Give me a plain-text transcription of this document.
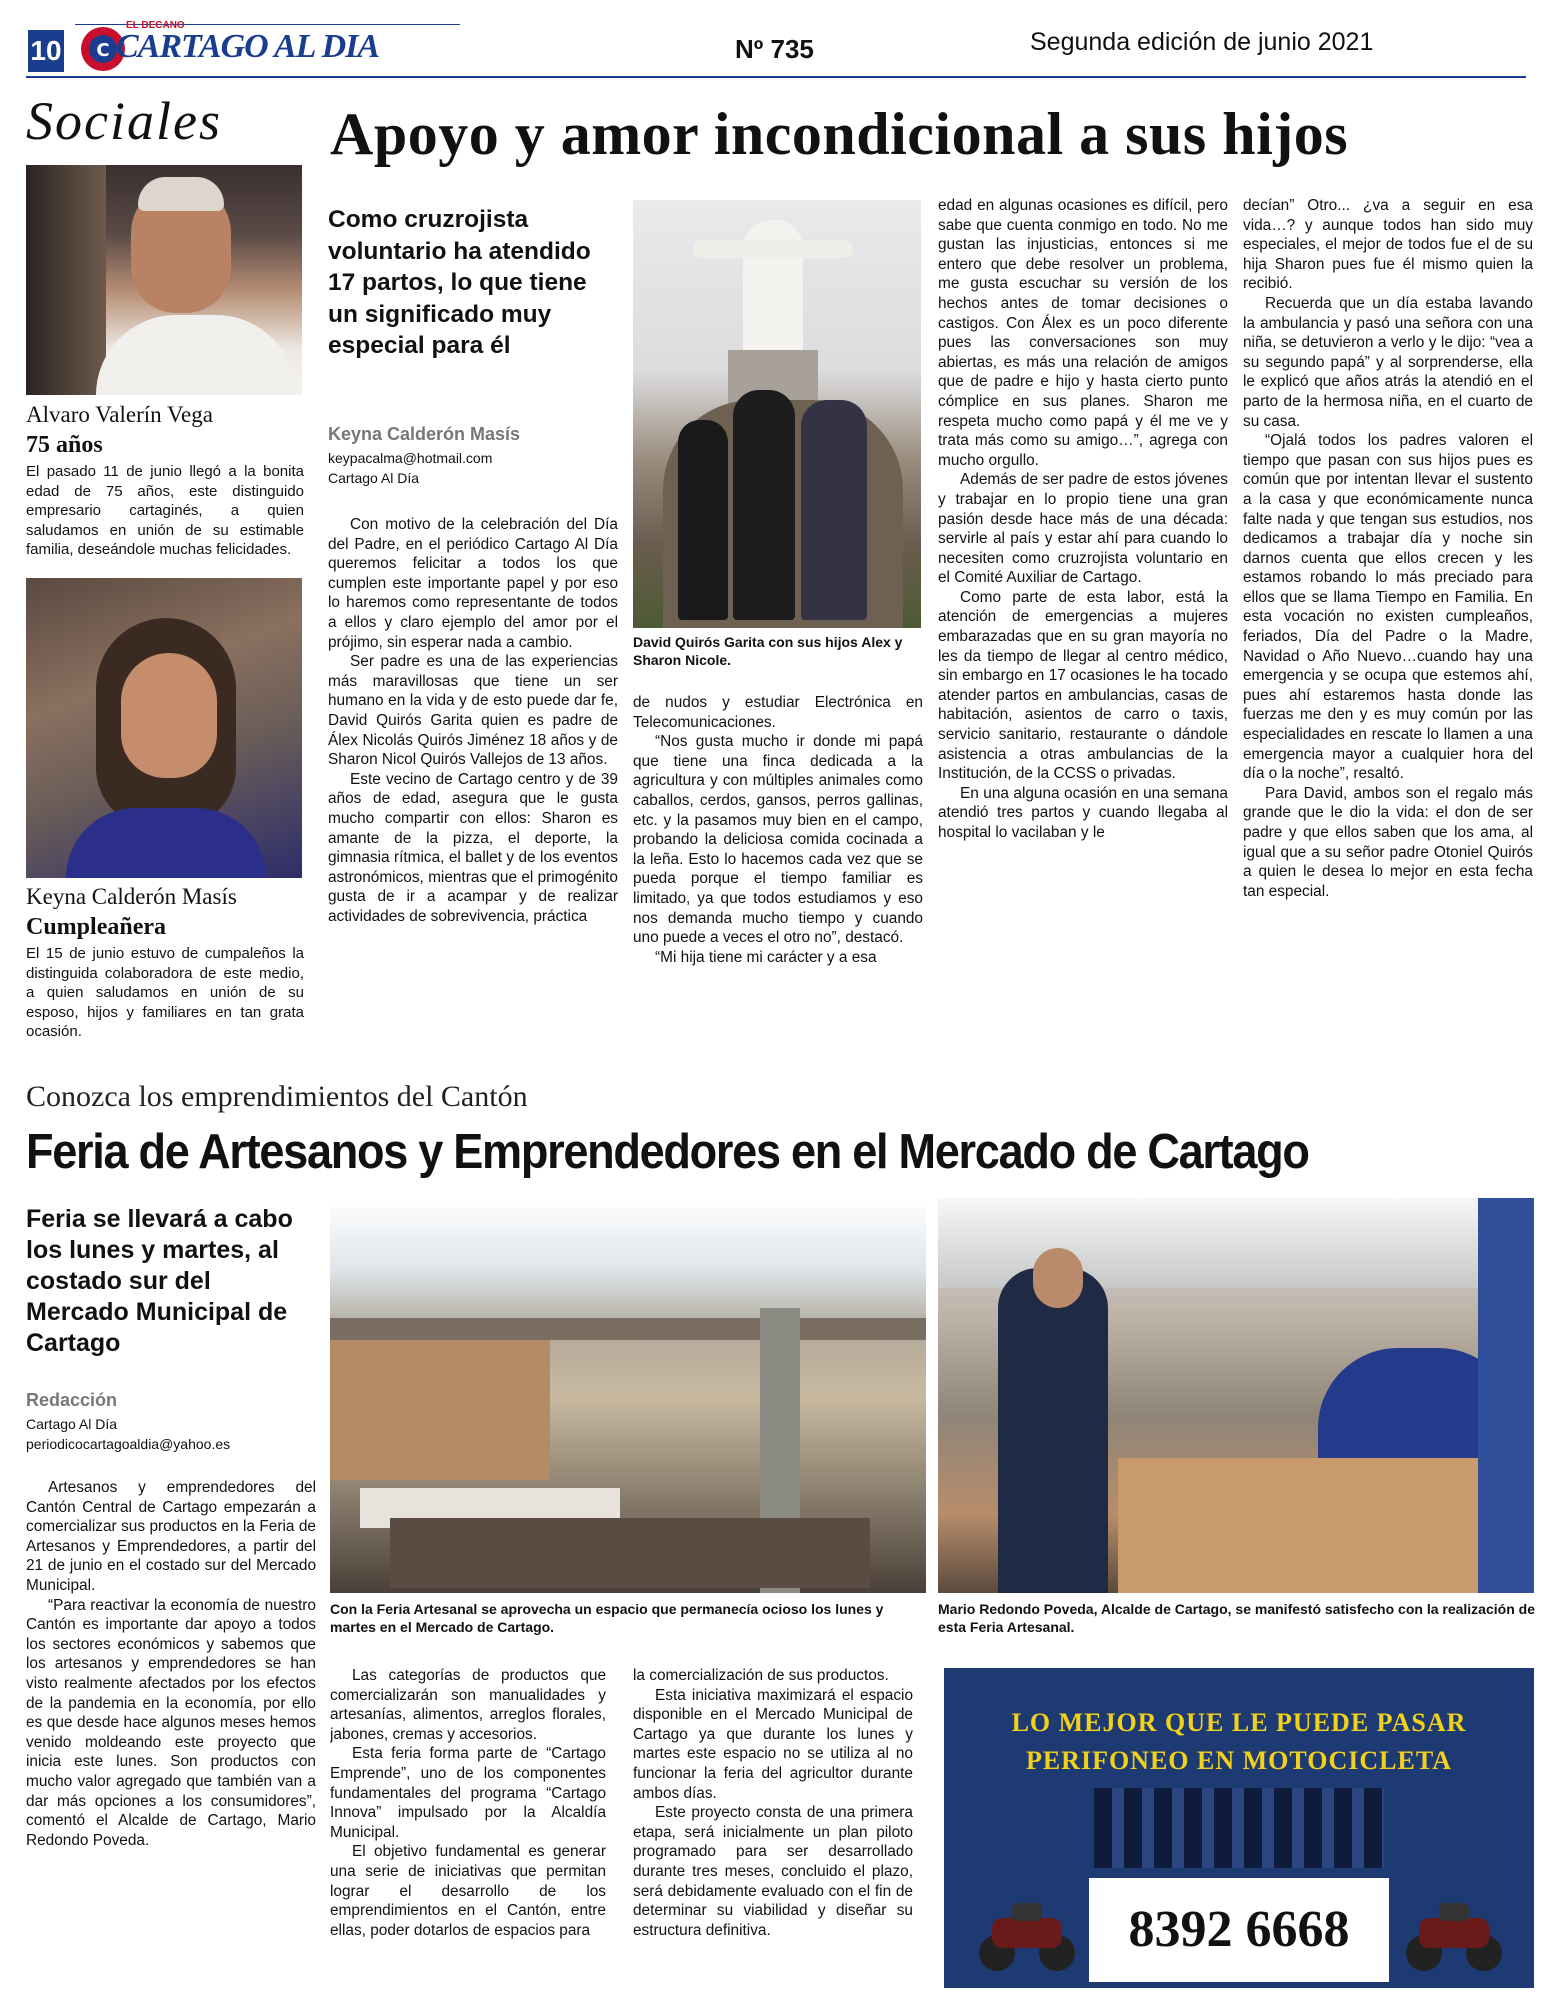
10 C
EL DECANO
CARTAGO AL DIA	Nº 735	Segunda edición de junio 2021
Sociales
Alvaro Valerín Vega
75 años
El pasado 11 de junio llegó a la bonita edad de 75 años, este distinguido empresario cartaginés, a quien saludamos en unión de su estimable familia, deseándole muchas felicidades.
Keyna Calderón Masís
Cumpleañera
El 15 de junio estuvo de cumpaleños la distinguida colaboradora de este medio, a quien saludamos en unión de su esposo, hijos y familiares en tan grata ocasión.
Apoyo y amor incondicional a sus hijos
Como cruzrojista voluntario ha atendido 17 partos, lo que tiene un significado muy especial para él
Keyna Calderón Masís
keypacalma@hotmail.com
Cartago Al Día

Con motivo de la celebración del Día del Padre, en el periódico Cartago Al Día queremos felicitar a todos los que cumplen este importante papel y por eso lo haremos como representante de todos a ellos y claro ejemplo del amor por el prójimo, sin esperar nada a cambio.

Ser padre es una de las experiencias más maravillosas que tiene un ser humano en la vida y de esto puede dar fe, David Quirós Garita quien es padre de Álex Nicolás Quirós Jiménez 18 años y de Sharon Nicol Quirós Vallejos de 13 años.

Este vecino de Cartago centro y de 39 años de edad, asegura que le gusta mucho compartir con ellos: Sharon es amante de la pizza, el deporte, la gimnasia rítmica, el ballet y de los eventos astronómicos, mientras que el primogénito gusta de ir a acampar y de realizar actividades de sobrevivencia, práctica

David Quirós Garita con sus hijos Alex y Sharon Nicole.

de nudos y estudiar Electrónica en Telecomunicaciones.

“Nos gusta mucho ir donde mi papá que tiene una finca dedicada a la agricultura y con múltiples animales como caballos, cerdos, gansos, perros gallinas, etc. y la pasamos muy bien en el campo, probando la deliciosa comida cocinada a la leña. Esto lo hacemos cada vez que se pueda porque el tiempo familiar es limitado, ya que todos estudiamos y eso nos demanda mucho tiempo y cuando uno puede a veces el otro no”, destacó.

“Mi hija tiene mi carácter y a esa

edad en algunas ocasiones es difícil, pero sabe que cuenta conmigo en todo. No me gustan las injusticias, entonces si me entero que debe resolver un problema, me gusta escuchar su versión de los hechos antes de tomar decisiones o castigos. Con Álex es un poco diferente pues las conversaciones son muy abiertas, es más una relación de amigos que de padre e hijo y hasta cierto punto cómplice en sus planes. Sharon me respeta mucho como papá y él me ve y trata más como su amigo…”, agrega con mucho orgullo.

Además de ser padre de estos jóvenes y trabajar en lo propio tiene una gran pasión desde hace más de una década: servirle al país y estar ahí para cuando lo necesiten como cruzrojista voluntario en el Comité Auxiliar de Cartago.

Como parte de esta labor, está la atención de emergencias a mujeres embarazadas que en su gran mayoría no les da tiempo de llegar al centro médico, sin embargo en 17 ocasiones le ha tocado atender partos en ambulancias, casas de habitación, asientos de carro o taxis, servicio sanitario, restaurante o dándole asistencia a otras ambulancias de la Institución, de la CCSS o privadas.

En una alguna ocasión en una semana atendió tres partos y cuando llegaba al hospital lo vacilaban y le

decían” Otro... ¿va a seguir en esa vida…? y aunque todos han sido muy especiales, el mejor de todos fue el de su hija Sharon pues fue él mismo quien la recibió.

Recuerda que un día estaba lavando la ambulancia y pasó una señora con una niña, se detuvieron a verlo y le dijo: “vea a su segundo papá” y al sorprenderse, ella le explicó que años atrás la atendió en el parto de la hermosa niña, en el cuarto de su casa.

“Ojalá todos los padres valoren el tiempo que pasan con sus hijos pues es común que por intentan llevar el sustento a la casa y que económicamente nunca falte nada y que tengan sus estudios, nos dedicamos a trabajar día y noche sin darnos cuenta que ellos crecen y les estamos robando lo más preciado para ellos que se llama Tiempo en Familia. En esta vocación no existen cumpleaños, feriados, Día del Padre o la Madre, Navidad o Año Nuevo…cuando hay una emergencia y se ocupa que estemos ahí, pues ahí estaremos hasta donde las fuerzas me den y es muy común por las especialidades en rescate lo llamen a una emergencia mayor a cualquier hora del día o la noche”, resaltó.

Para David, ambos son el regalo más grande que le dio la vida: el don de ser padre y que ellos saben que los ama, al igual que a su señor padre Otoniel Quirós a quien le desea lo mejor en esta fecha tan especial.

Conozca los emprendimientos del Cantón
Feria de Artesanos y Emprendedores en el Mercado de Cartago
Feria se llevará a cabo los lunes y martes, al costado sur del Mercado Municipal de Cartago
Redacción
Cartago Al Día
periodicocartagoaldia@yahoo.es

Artesanos y emprendedores del Cantón Central de Cartago empezarán a comercializar sus productos en la Feria de Artesanos y Emprendedores, a partir del 21 de junio en el costado sur del Mercado Municipal.

“Para reactivar la economía de nuestro Cantón es importante dar apoyo a todos los sectores económicos y sabemos que los artesanos y emprendedores se han visto realmente afectados por los efectos de la pandemia en la economía, por ello es que desde hace algunos meses hemos venido moldeando este proyecto que inicia este lunes. Son productos con mucho valor agregado que también van a dar más opciones a los consumidores”, comentó el Alcalde de Cartago, Mario Redondo Poveda.

Con la Feria Artesanal se aprovecha un espacio que permanecía ocioso los lunes y martes en el Mercado de Cartago.
Mario Redondo Poveda, Alcalde de Cartago, se manifestó satisfecho con la realización de esta Feria Artesanal.

Las categorías de productos que comercializarán son manualidades y artesanías, alimentos, arreglos florales, jabones, cremas y accesorios.

Esta feria forma parte de “Cartago Emprende”, uno de los componentes fundamentales del programa “Cartago Innova” impulsado por la Alcaldía Municipal.

El objetivo fundamental es generar una serie de iniciativas que permitan lograr el desarrollo de los emprendimientos en el Cantón, entre ellas, poder dotarlos de espacios para

la comercialización de sus productos.

Esta iniciativa maximizará el espacio disponible en el Mercado Municipal de Cartago ya que durante los lunes y martes este espacio no se utiliza al no funcionar la feria del agricultor durante ambos días.

Este proyecto consta de una primera etapa, será inicialmente un plan piloto programado para ser desarrollado durante tres meses, concluido el plazo, será debidamente evaluado con el fin de determinar su viabilidad y diseñar su estructura definitiva.

LO MEJOR QUE LE PUEDE PASAR
PERIFONEO EN MOTOCICLETA
8392 6668
